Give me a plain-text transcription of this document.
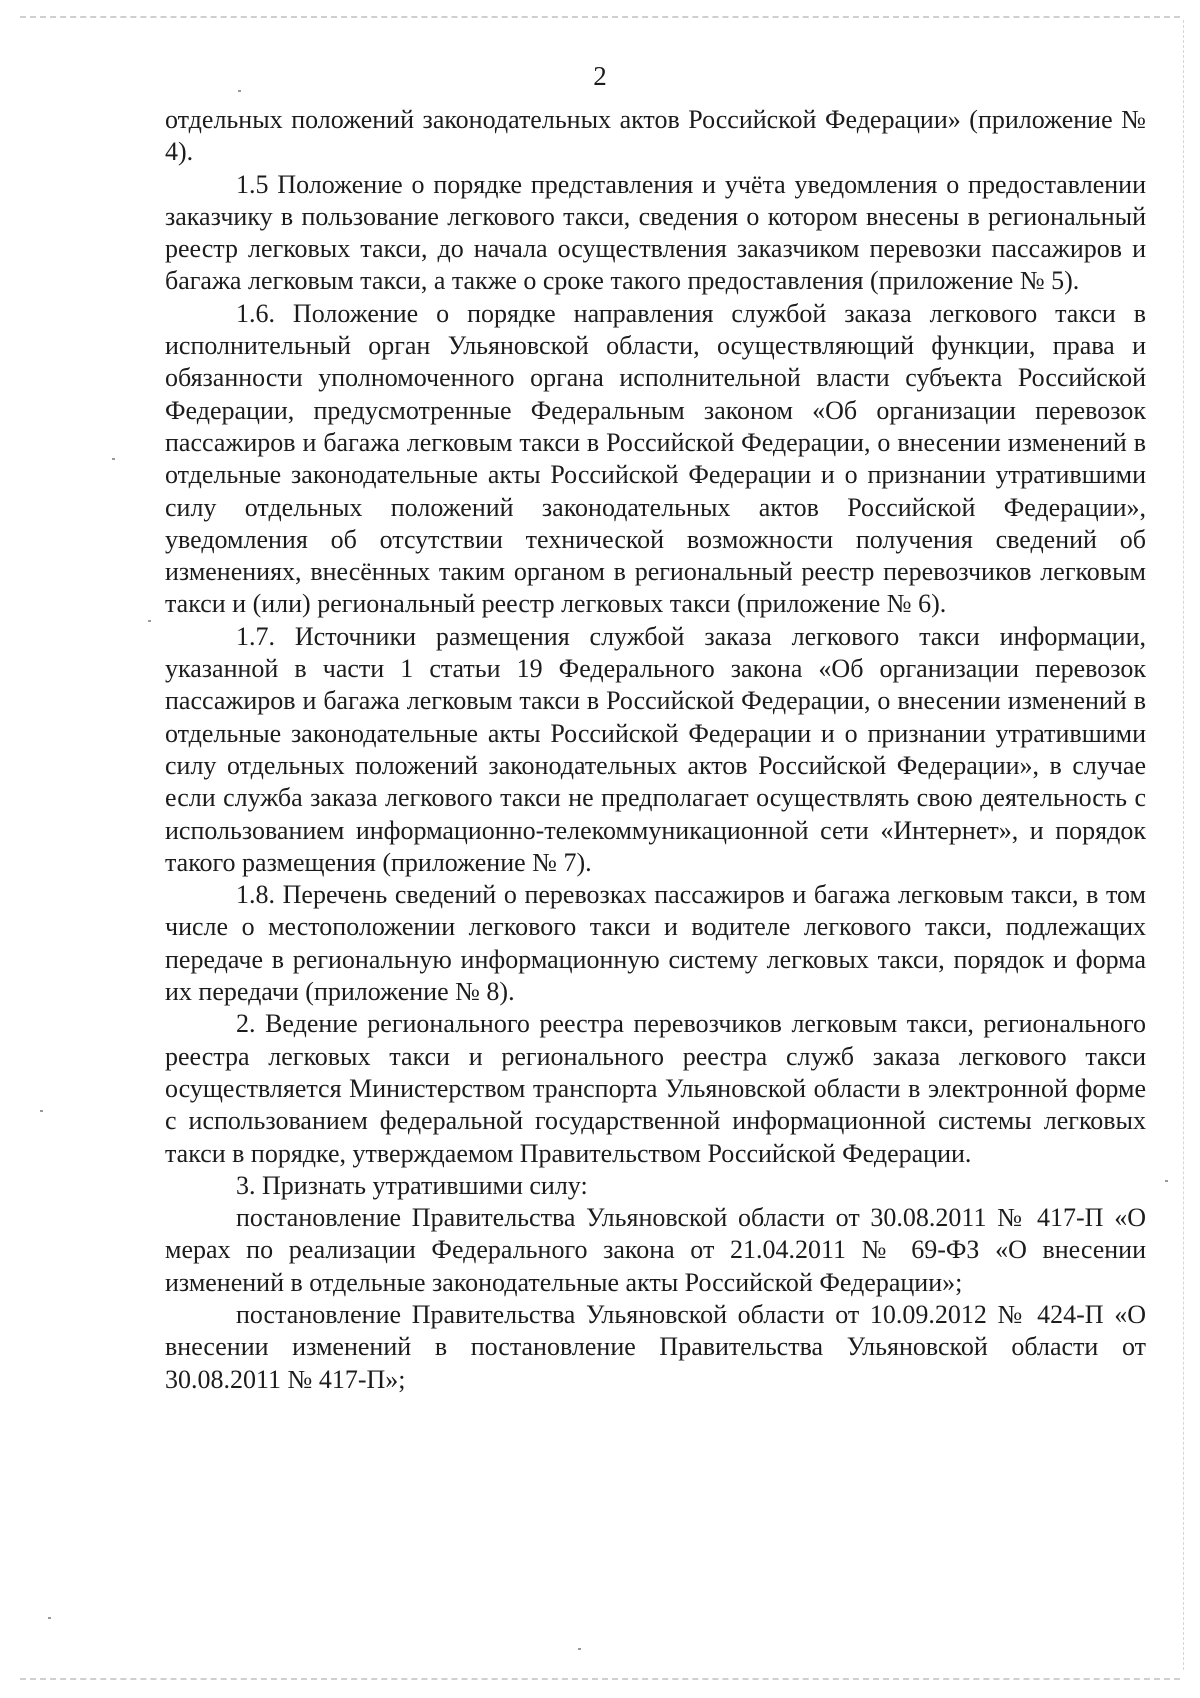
2

отдельных положений законодательных актов Российской Федерации» (приложение № 4).

1.5 Положение о порядке представления и учёта уведомления о предоставлении заказчику в пользование легкового такси, сведения о котором внесены в региональный реестр легковых такси, до начала осуществления заказчиком перевозки пассажиров и багажа легковым такси, а также о сроке такого предоставления (приложение № 5).

1.6. Положение о порядке направления службой заказа легкового такси в исполнительный орган Ульяновской области, осуществляющий функции, права и обязанности уполномоченного органа исполнительной власти субъекта Российской Федерации, предусмотренные Федеральным законом «Об организации перевозок пассажиров и багажа легковым такси в Российской Федерации, о внесении изменений в отдельные законодательные акты Российской Федерации и о признании утратившими силу отдельных положений законодательных актов Российской Федерации», уведомления об отсутствии технической возможности получения сведений об изменениях, внесённых таким органом в региональный реестр перевозчиков легковым такси и (или) региональный реестр легковых такси (приложение № 6).

1.7. Источники размещения службой заказа легкового такси информации, указанной в части 1 статьи 19 Федерального закона «Об организации перевозок пассажиров и багажа легковым такси в Российской Федерации, о внесении изменений в отдельные законодательные акты Российской Федерации и о признании утратившими силу отдельных положений законодательных актов Российской Федерации», в случае если служба заказа легкового такси не предполагает осуществлять свою деятельность с использованием информационно-телекоммуникационной сети «Интернет», и порядок такого размещения (приложение № 7).

1.8. Перечень сведений о перевозках пассажиров и багажа легковым такси, в том числе о местоположении легкового такси и водителе легкового такси, подлежащих передаче в региональную информационную систему легковых такси, порядок и форма их передачи (приложение № 8).

2. Ведение регионального реестра перевозчиков легковым такси, регионального реестра легковых такси и регионального реестра служб заказа легкового такси осуществляется Министерством транспорта Ульяновской области в электронной форме с использованием федеральной государственной информационной системы легковых такси в порядке, утверждаемом Правительством Российской Федерации.

3. Признать утратившими силу:

постановление Правительства Ульяновской области от 30.08.2011 № 417-П «О мерах по реализации Федерального закона от 21.04.2011 № 69-ФЗ «О внесении изменений в отдельные законодательные акты Российской Федерации»;

постановление Правительства Ульяновской области от 10.09.2012 № 424-П «О внесении изменений в постановление Правительства Ульяновской области от 30.08.2011 № 417-П»;
